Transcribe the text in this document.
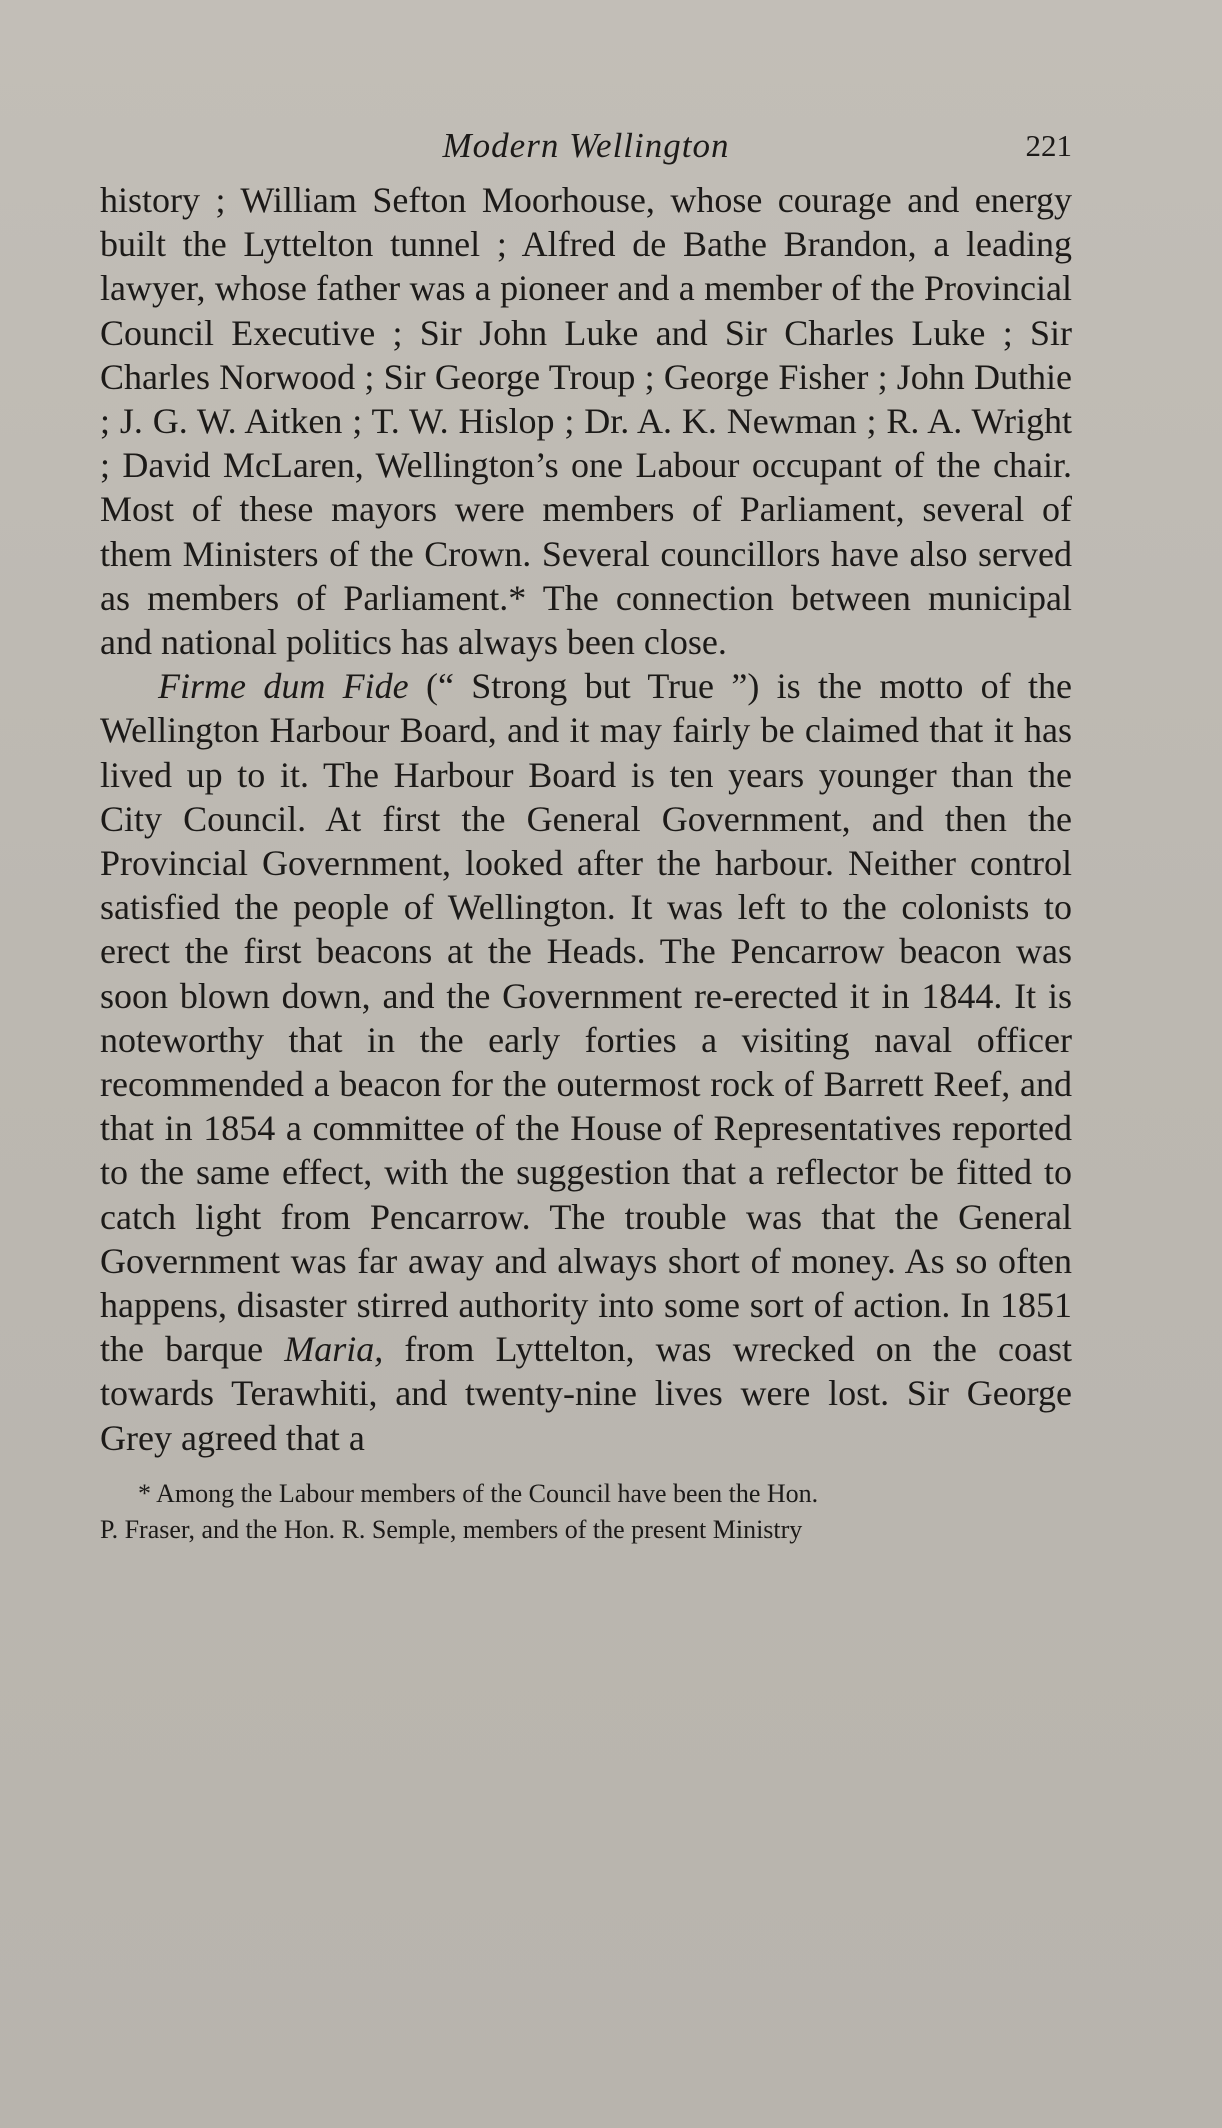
Modern Wellington	221

history ; William Sefton Moorhouse, whose courage and energy built the Lyttelton tunnel ; Alfred de Bathe Brandon, a leading lawyer, whose father was a pioneer and a member of the Provincial Council Executive ; Sir John Luke and Sir Charles Luke ; Sir Charles Norwood ; Sir George Troup ; George Fisher ; John Duthie ; J. G. W. Aitken ; T. W. Hislop ; Dr. A. K. Newman ; R. A. Wright ; David McLaren, Wellington’s one Labour occupant of the chair. Most of these mayors were members of Parliament, several of them Ministers of the Crown. Several councillors have also served as members of Parliament.* The connection between municipal and national politics has always been close.

Firme dum Fide (“ Strong but True ”) is the motto of the Wellington Harbour Board, and it may fairly be claimed that it has lived up to it. The Harbour Board is ten years younger than the City Council. At first the General Government, and then the Provincial Government, looked after the harbour. Neither control satisfied the people of Wellington. It was left to the colonists to erect the first beacons at the Heads. The Pencarrow beacon was soon blown down, and the Government re-erected it in 1844. It is noteworthy that in the early forties a visiting naval officer recommended a beacon for the outermost rock of Barrett Reef, and that in 1854 a committee of the House of Representatives reported to the same effect, with the suggestion that a reflector be fitted to catch light from Pencarrow. The trouble was that the General Government was far away and always short of money. As so often happens, disaster stirred authority into some sort of action. In 1851 the barque Maria, from Lyttelton, was wrecked on the coast towards Terawhiti, and twenty-nine lives were lost. Sir George Grey agreed that a

* Among the Labour members of the Council have been the Hon.
P. Fraser, and the Hon. R. Semple, members of the present Ministry
